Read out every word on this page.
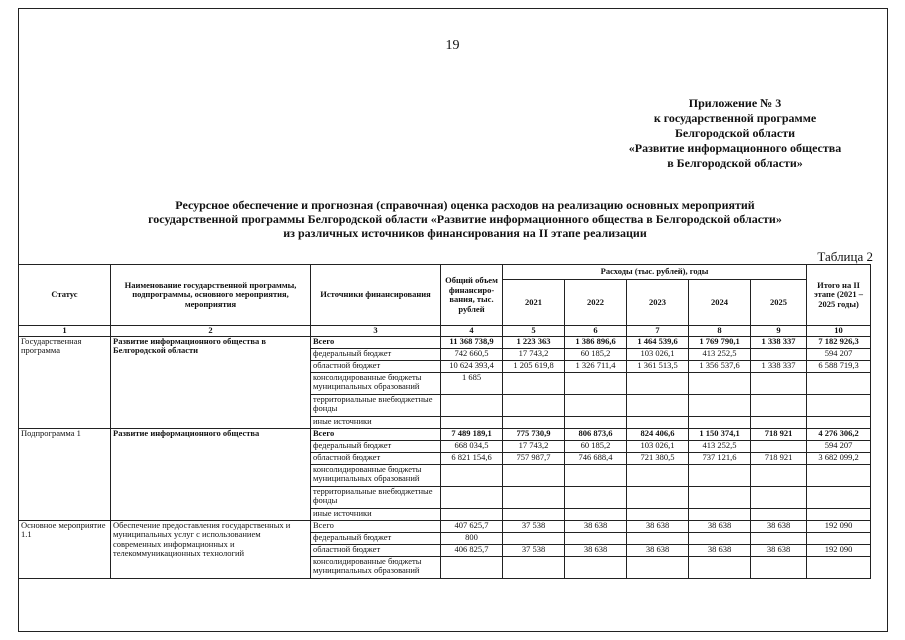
19
Приложение № 3
к государственной программе
Белгородской области
«Развитие информационного общества
в Белгородской области»
Ресурсное обеспечение и прогнозная (справочная) оценка расходов на реализацию основных мероприятий
государственной программы Белгородской области «Развитие информационного общества в Белгородской области»
из различных источников финансирования на II этапе реализации
Таблица 2
Статус	Наименование государственной программы, подпрограммы, основного мероприятия, мероприятия	Источники финансирования	Общий объем финансиро-вания, тыс. рублей	Расходы (тыс. рублей), годы					Итого на II этапе (2021 – 2025 годы)
				2021	2022	2023	2024	2025	
1	2	3	4	5	6	7	8	9	10
Государственная программа	Развитие информационного общества в Белгородской области	Всего	11 368 738,9	1 223 363	1 386 896,6	1 464 539,6	1 769 790,1	1 338 337	7 182 926,3
		федеральный бюджет	742 660,5	17 743,2	60 185,2	103 026,1	413 252,5		594 207
		областной бюджет	10 624 393,4	1 205 619,8	1 326 711,4	1 361 513,5	1 356 537,6	1 338 337	6 588 719,3
		консолидированные бюджеты муниципальных образований	1 685						
		территориальные внебюджетные фонды							
		иные источники							
Подпрограмма 1	Развитие информационного общества	Всего	7 489 189,1	775 730,9	806 873,6	824 406,6	1 150 374,1	718 921	4 276 306,2
		федеральный бюджет	668 034,5	17 743,2	60 185,2	103 026,1	413 252,5		594 207
		областной бюджет	6 821 154,6	757 987,7	746 688,4	721 380,5	737 121,6	718 921	3 682 099,2
		консолидированные бюджеты муниципальных образований							
		территориальные внебюджетные фонды							
		иные источники							
Основное мероприятие 1.1	Обеспечение предоставления государственных и муниципальных услуг с использованием современных информационных и телекоммуникационных технологий	Всего	407 625,7	37 538	38 638	38 638	38 638	38 638	192 090
		федеральный бюджет	800						
		областной бюджет	406 825,7	37 538	38 638	38 638	38 638	38 638	192 090
		консолидированные бюджеты муниципальных образований							
